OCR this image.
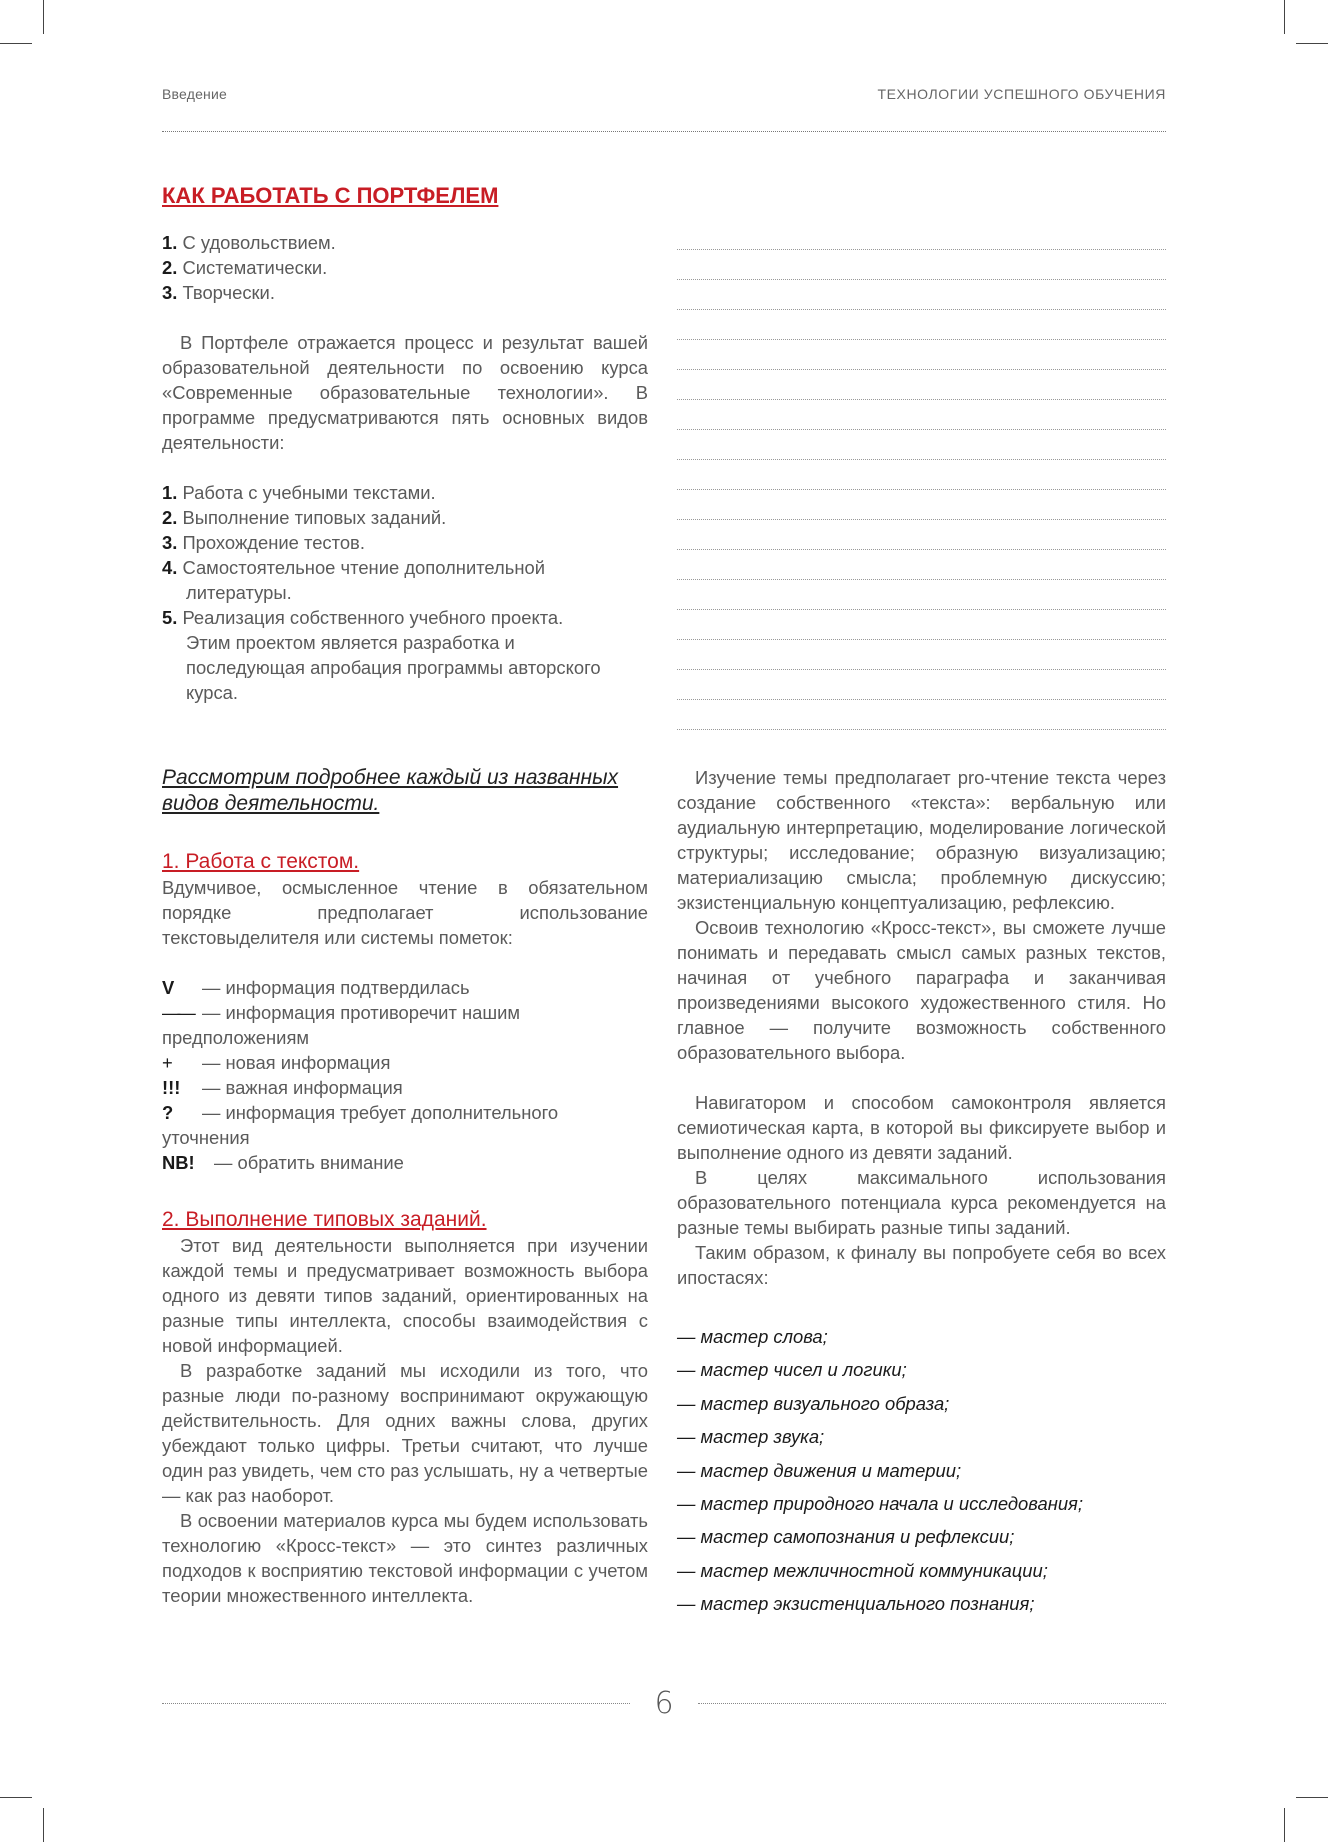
Введение	ТЕХНОЛОГИИ УСПЕШНОГО ОБУЧЕНИЯ
КАК РАБОТАТЬ С ПОРТФЕЛЕМ

1. С удовольствием.

2. Систематически.

3. Творчески.

В Портфеле отражается процесс и результат вашей образовательной деятельности по освоению курса «Современные образовательные технологии». В программе предусматриваются пять основных видов деятельности:

1. Работа с учебными текстами.

2. Выполнение типовых заданий.

3. Прохождение тестов.

4. Самостоятельное чтение дополнительной литературы.

5. Реализация собственного учебного проекта. Этим проектом является разработка и последующая апробация программы авторского курса.

Рассмотрим подробнее каждый из названных видов деятельности.

1. Работа с текстом.

Вдумчивое, осмысленное чтение в обязательном порядке предполагает использование текстовыделителя или системы пометок:

V — информация подтвердилась

—— — информация противоречит нашим предположениям

+ — новая информация

!!! — важная информация

? — информация требует дополнительного уточнения

NB! — обратить внимание

2. Выполнение типовых заданий.

Этот вид деятельности выполняется при изучении каждой темы и предусматривает возможность выбора одного из девяти типов заданий, ориентированных на разные типы интеллекта, способы взаимодействия с новой информацией.

В разработке заданий мы исходили из того, что разные люди по-разному воспринимают окружающую действительность. Для одних важны слова, других убеждают только цифры. Третьи считают, что лучше один раз увидеть, чем сто раз услышать, ну а четвертые — как раз наоборот.

В освоении материалов курса мы будем использовать технологию «Кросс-текст» — это синтез различных подходов к восприятию текстовой информации с учетом теории множественного интеллекта.

Изучение темы предполагает pro-чтение текста через создание собственного «текста»: вербальную или аудиальную интерпретацию, моделирование логической структуры; исследование; образную визуализацию; материализацию смысла; проблемную дискуссию; экзистенциальную концептуализацию, рефлексию.

Освоив технологию «Кросс-текст», вы сможете лучше понимать и передавать смысл самых разных текстов, начиная от учебного параграфа и заканчивая произведениями высокого художественного стиля. Но главное — получите возможность собственного образовательного выбора.

Навигатором и способом самоконтроля является семиотическая карта, в которой вы фиксируете выбор и выполнение одного из девяти заданий.

В целях максимального использования образовательного потенциала курса рекомендуется на разные темы выбирать разные типы заданий.

Таким образом, к финалу вы попробуете себя во всех ипостасях:

— мастер слова;

— мастер чисел и логики;

— мастер визуального образа;

— мастер звука;

— мастер движения и материи;

— мастер природного начала и исследования;

— мастер самопознания и рефлексии;

— мастер межличностной коммуникации;

— мастер экзистенциального познания;

6
